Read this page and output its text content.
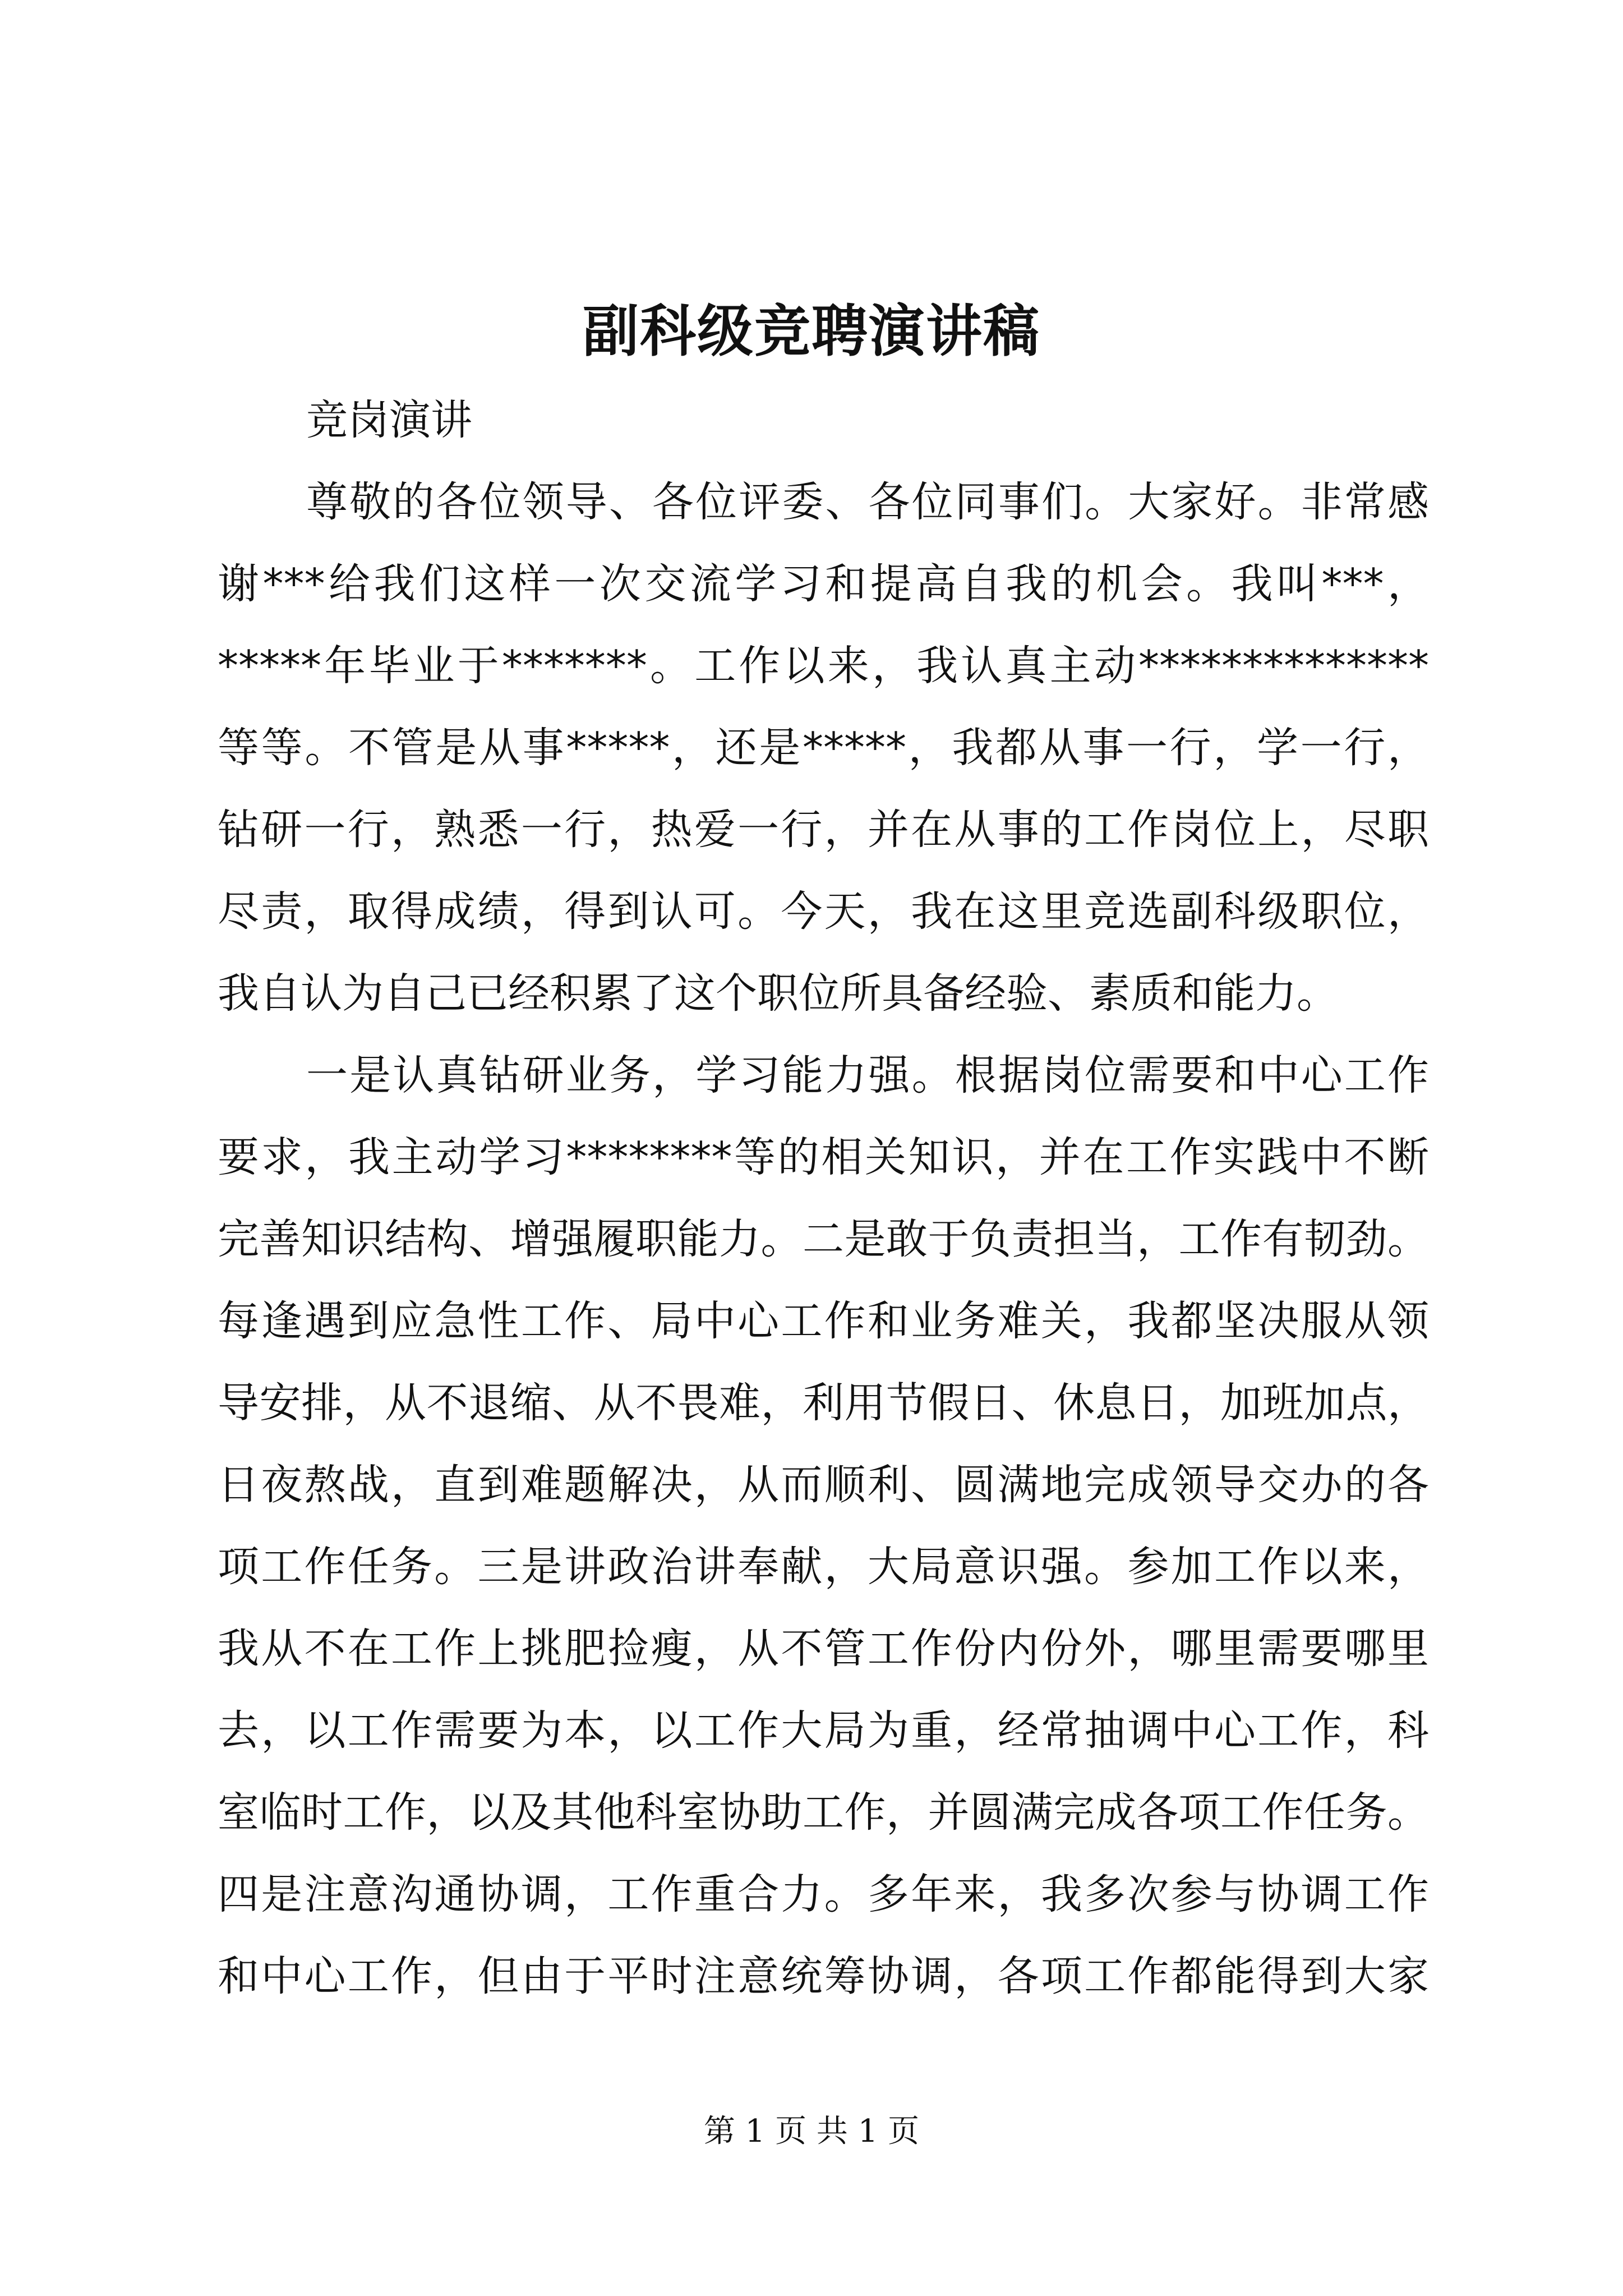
副科级竞聘演讲稿
竞岗演讲
尊敬的各位领导、各位评委、各位同事们。大家好。非常感
谢***给我们这样一次交流学习和提高自我的机会。我叫***，
*****年毕业于*******。工作以来，我认真主动**************
等等。不管是从事*****，还是*****，我都从事一行，学一行，
钻研一行，熟悉一行，热爱一行，并在从事的工作岗位上，尽职
尽责，取得成绩，得到认可。今天，我在这里竞选副科级职位，
我自认为自己已经积累了这个职位所具备经验、素质和能力。
一是认真钻研业务，学习能力强。根据岗位需要和中心工作
要求，我主动学习********等的相关知识，并在工作实践中不断
完善知识结构、增强履职能力。二是敢于负责担当，工作有韧劲。
每逢遇到应急性工作、局中心工作和业务难关，我都坚决服从领
导安排，从不退缩、从不畏难，利用节假日、休息日，加班加点，
日夜熬战，直到难题解决，从而顺利、圆满地完成领导交办的各
项工作任务。三是讲政治讲奉献，大局意识强。参加工作以来，
我从不在工作上挑肥捡瘦，从不管工作份内份外，哪里需要哪里
去，以工作需要为本，以工作大局为重，经常抽调中心工作，科
室临时工作，以及其他科室协助工作，并圆满完成各项工作任务。
四是注意沟通协调，工作重合力。多年来，我多次参与协调工作
和中心工作，但由于平时注意统筹协调，各项工作都能得到大家
第 1 页 共 1 页
